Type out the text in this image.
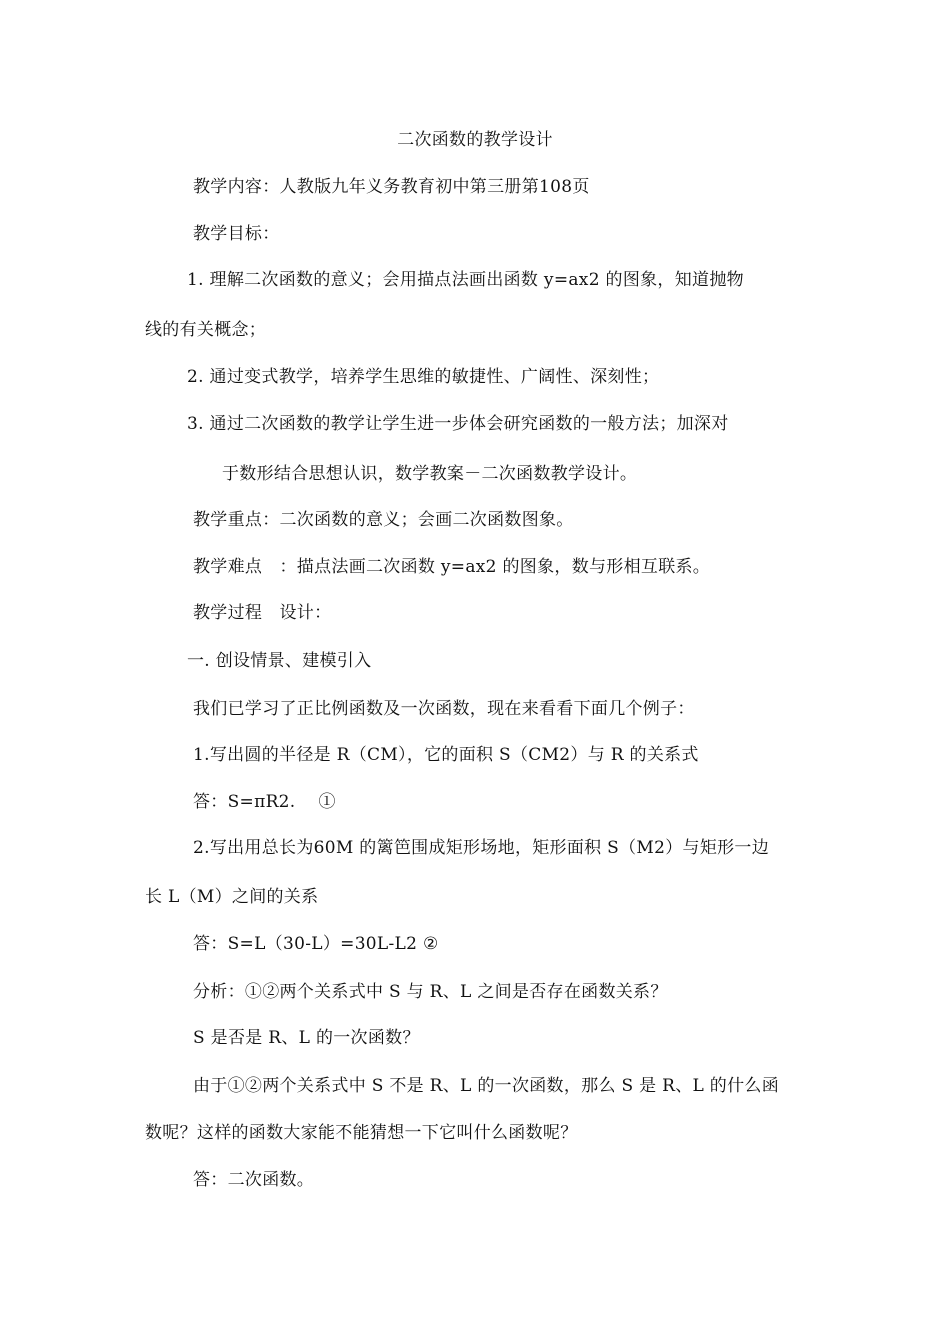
二次函数的教学设计
教学内容：人教版九年义务教育初中第三册第108页
教学目标：
1. 理解二次函数的意义；会用描点法画出函数 y=ax2 的图象，知道抛物
线的有关概念；
2. 通过变式教学，培养学生思维的敏捷性、广阔性、深刻性；
3. 通过二次函数的教学让学生进一步体会研究函数的一般方法；加深对
于数形结合思想认识，数学教案－二次函数教学设计。
教学重点：二次函数的意义；会画二次函数图象。
教学难点　：描点法画二次函数 y=ax2 的图象，数与形相互联系。
教学过程　设计：
一. 创设情景、建模引入
我们已学习了正比例函数及一次函数，现在来看看下面几个例子：
1.写出圆的半径是 R（CM），它的面积 S（CM2）与 R 的关系式
答：S=πR2.　 ①
2.写出用总长为60M 的篱笆围成矩形场地，矩形面积 S（M2）与矩形一边
长 L（M）之间的关系
答：S=L（30-L）=30L-L2 ②
分析：①②两个关系式中 S 与 R、L 之间是否存在函数关系？
S 是否是 R、L 的一次函数？
由于①②两个关系式中 S 不是 R、L 的一次函数，那么 S 是 R、L 的什么函
数呢？这样的函数大家能不能猜想一下它叫什么函数呢？
答：二次函数。
